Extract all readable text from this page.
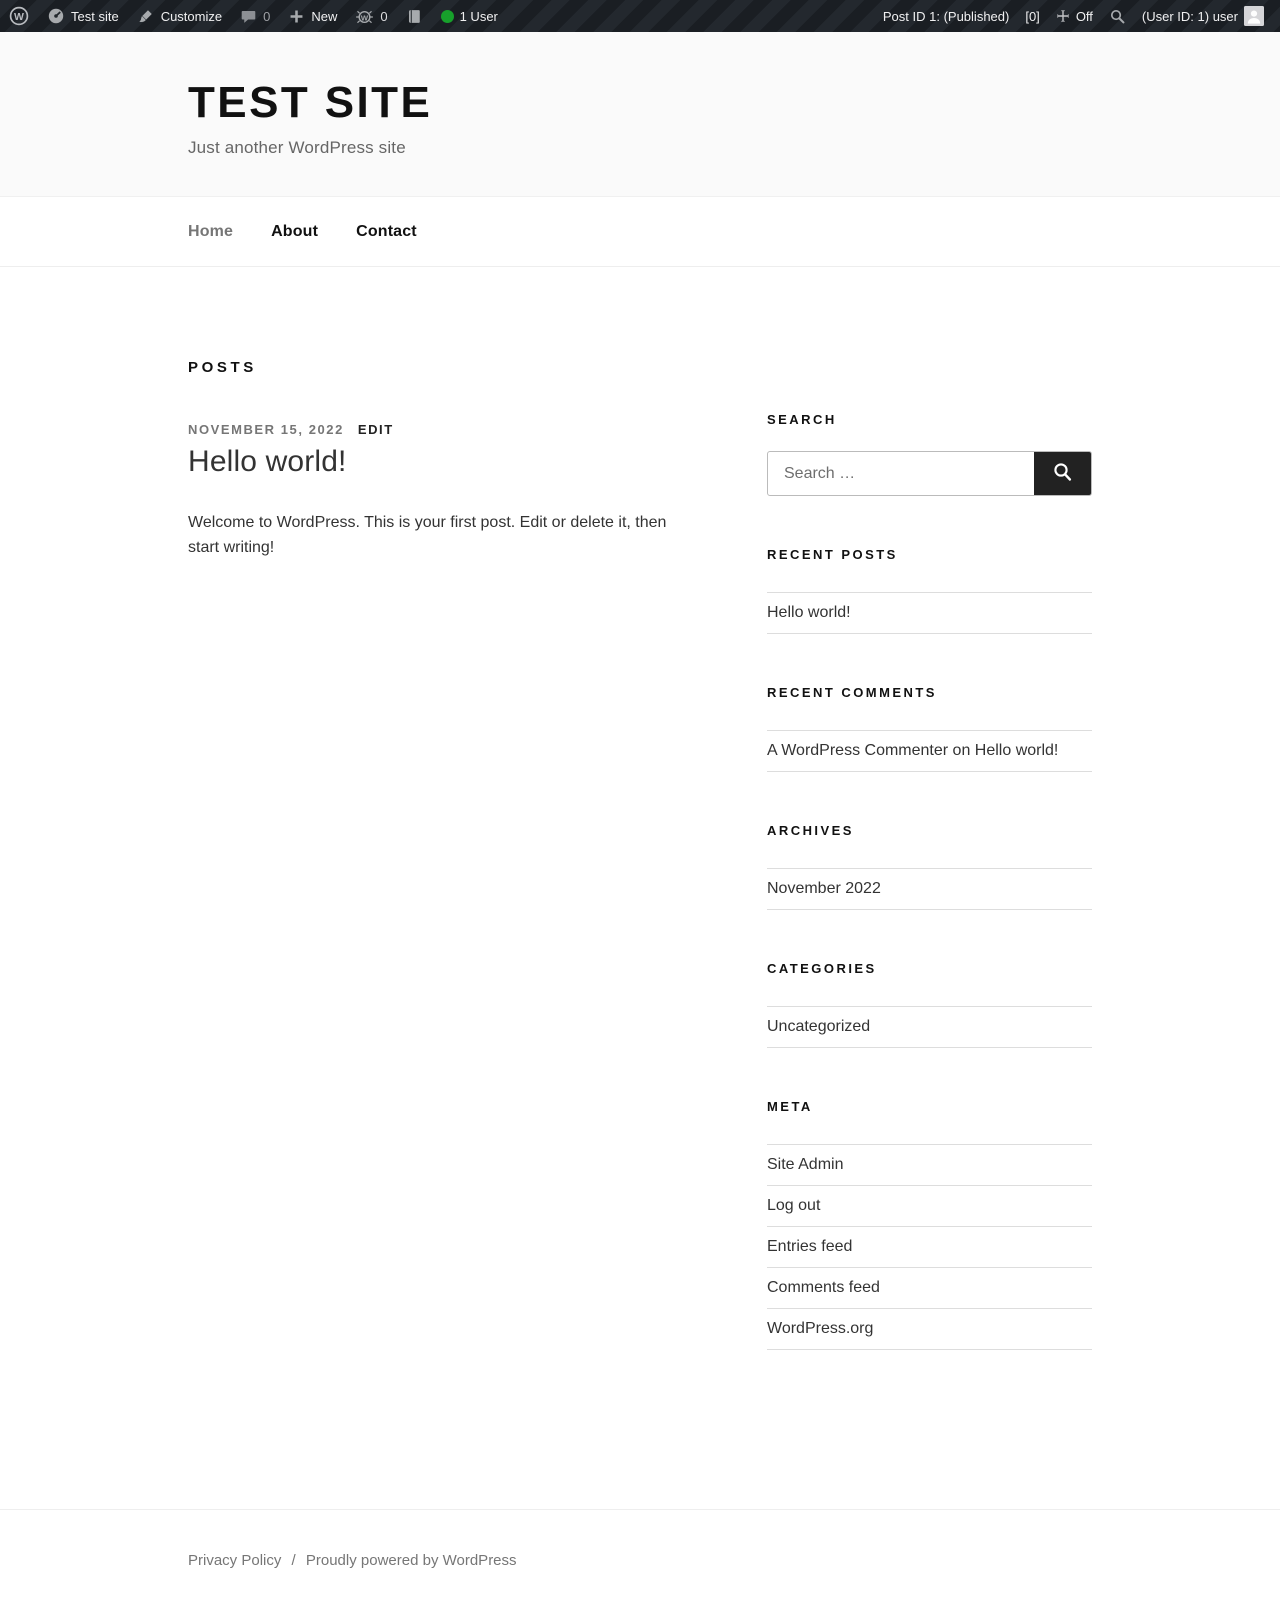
W	Test site	Customize	0	New	W 0	1 User	Post ID 1: (Published)	[0]	Off	(User ID: 1) user
TEST SITE
Just another WordPress site
Home About Contact
POSTS
NOVEMBER 15, 2022 EDIT
Hello world!

Welcome to WordPress. This is your first post. Edit or delete it, then start writing!

SEARCH
Search …
RECENT POSTS
Hello world!
RECENT COMMENTS
A WordPress Commenter on Hello world!
ARCHIVES
November 2022
CATEGORIES
Uncategorized
META
Site Admin
Log out
Entries feed
Comments feed
WordPress.org
Privacy Policy / Proudly powered by WordPress
